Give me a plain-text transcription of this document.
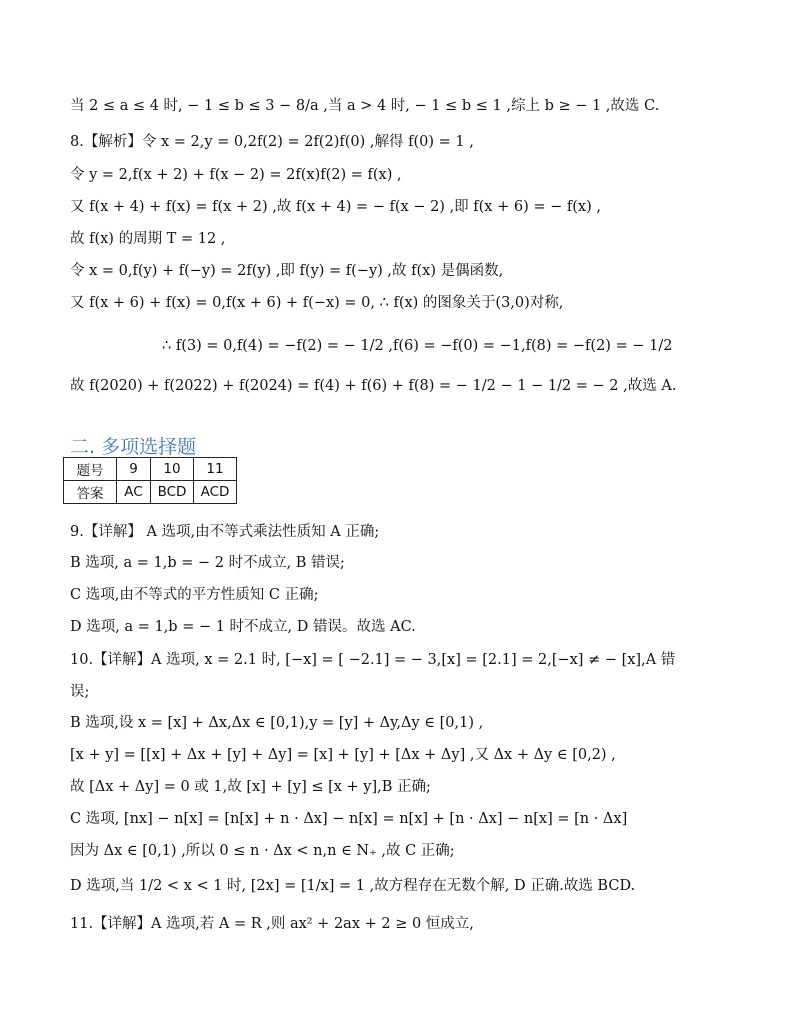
当 2 ≤ a ≤ 4 时, − 1 ≤ b ≤ 3 − 8/a ,当 a > 4 时, − 1 ≤ b ≤ 1 ,综上 b ≥ − 1 ,故选 C.
8.【解析】令 x = 2,y = 0,2f(2) = 2f(2)f(0) ,解得 f(0) = 1 ,
令 y = 2,f(x + 2) + f(x − 2) = 2f(x)f(2) = f(x) ,
又 f(x + 4) + f(x) = f(x + 2) ,故 f(x + 4) = − f(x − 2) ,即 f(x + 6) = − f(x) ,
故 f(x) 的周期 T = 12 ,
令 x = 0,f(y) + f(−y) = 2f(y) ,即 f(y) = f(−y) ,故 f(x) 是偶函数,
又 f(x + 6) + f(x) = 0,f(x + 6) + f(−x) = 0, ∴ f(x) 的图象关于(3,0)对称,
∴ f(3) = 0,f(4) = −f(2) = − 1/2 ,f(6) = −f(0) = −1,f(8) = −f(2) = − 1/2
故 f(2020) + f(2022) + f(2024) = f(4) + f(6) + f(8) = − 1/2 − 1 − 1/2 = − 2 ,故选 A.
二. 多项选择题
题号	9	10	11
答案	AC	BCD	ACD
9.【详解】 A 选项,由不等式乘法性质知 A 正确;
B 选项, a = 1,b = − 2 时不成立, B 错误;
C 选项,由不等式的平方性质知 C 正确;
D 选项, a = 1,b = − 1 时不成立, D 错误。故选 AC.
10.【详解】A 选项, x = 2.1 时, [−x] = [ −2.1] = − 3,[x] = [2.1] = 2,[−x] ≠ − [x],A 错
误;
B 选项,设 x = [x] + Δx,Δx ∈ [0,1),y = [y] + Δy,Δy ∈ [0,1) ,
[x + y] = [[x] + Δx + [y] + Δy] = [x] + [y] + [Δx + Δy] ,又 Δx + Δy ∈ [0,2) ,
故 [Δx + Δy] = 0 或 1,故 [x] + [y] ≤ [x + y],B 正确;
C 选项, [nx] − n[x] = [n[x] + n · Δx] − n[x] = n[x] + [n · Δx] − n[x] = [n · Δx]
因为 Δx ∈ [0,1) ,所以 0 ≤ n · Δx < n,n ∈ N₊ ,故 C 正确;
D 选项,当 1/2 < x < 1 时, [2x] = [1/x] = 1 ,故方程存在无数个解, D 正确.故选 BCD.
11.【详解】A 选项,若 A = R ,则 ax² + 2ax + 2 ≥ 0 恒成立,
